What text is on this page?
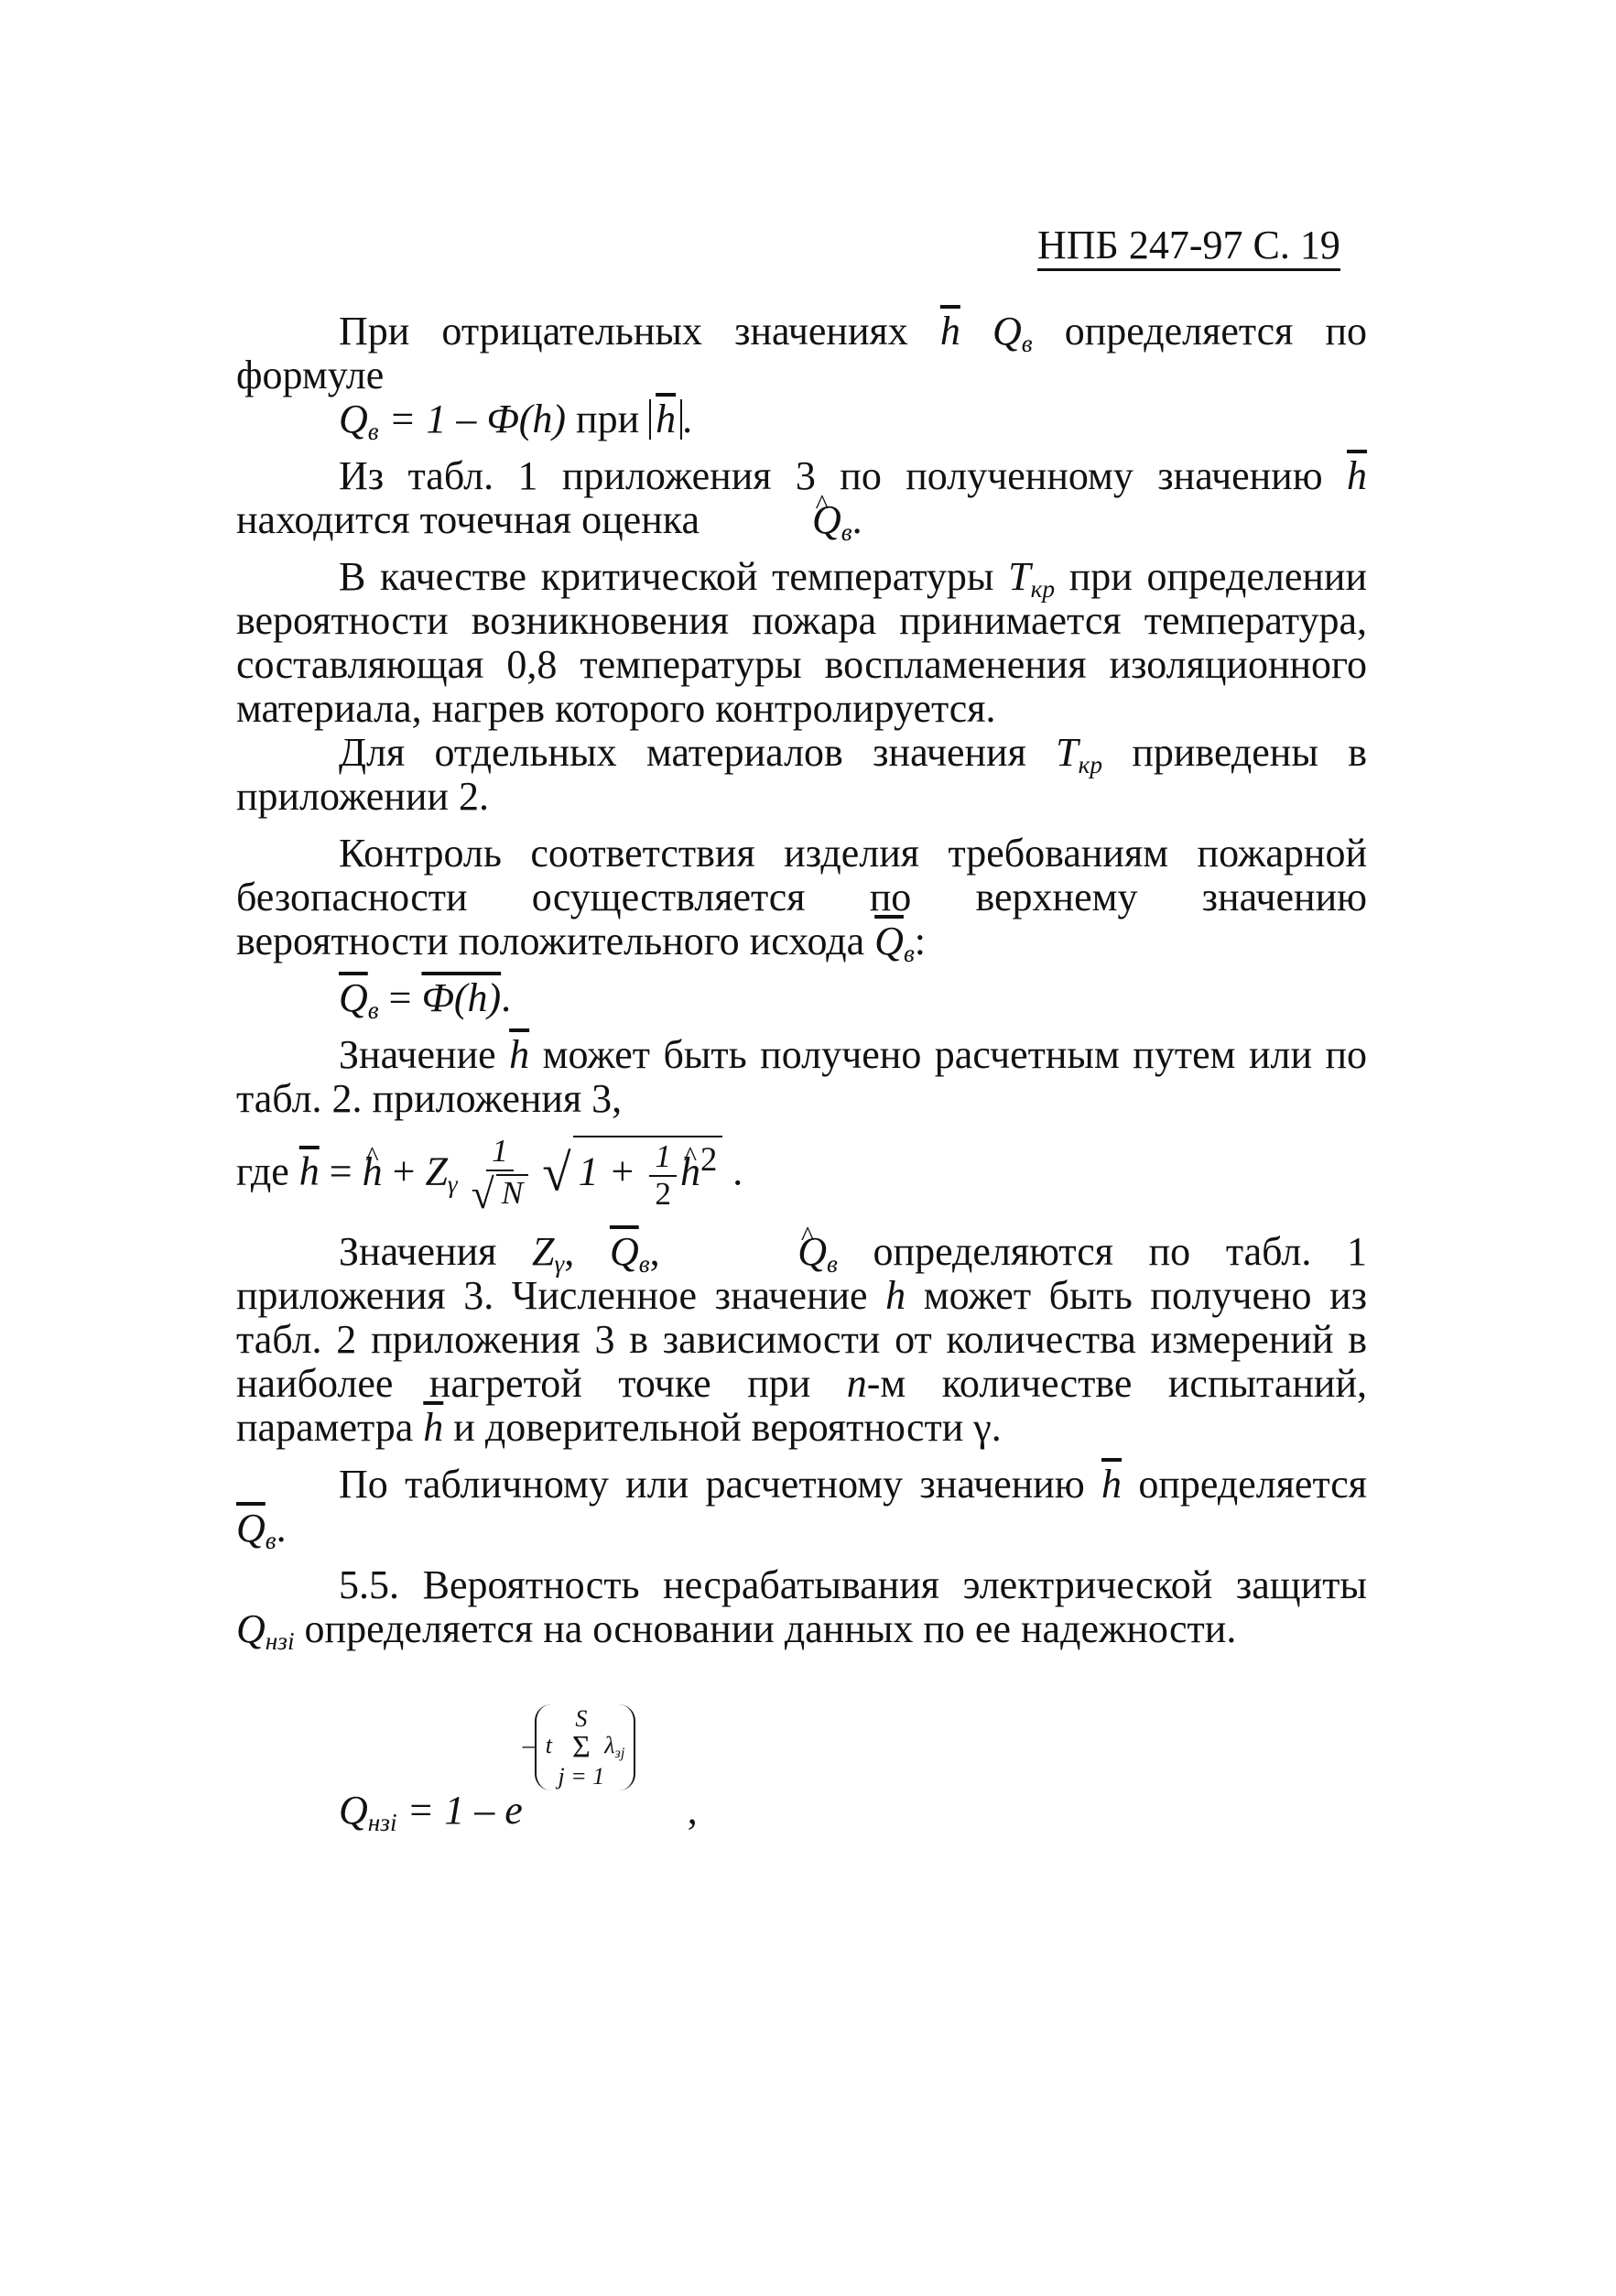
НПБ 247-97 С. 19

При отрицательных значениях $\overline{h}$ $Q_в$ определяется по формуле

$Q_в = 1 - Ф(h)$ при $\overline{h}$ .

Из табл. 1 приложения 3 по полученному значению $\overline{h}$ находится точечная оценка	Q $\^{}_в$.

В качестве критической температуры $T_{кр}$ при определении вероятности возникновения пожара принимается температура, составляющая 0,8 температуры воспламенения изоляционного материала, нагрев которого контролируется.

Для отдельных материалов значения $T_{кр}$ приведены в приложении 2.

Контроль соответствия изделия требованиям пожарной безопасности осуществляется по верхнему значению вероятности положительного исхода $\overline{Q}_в$:

$\overline{Q}_в = Ф(h)$.

Значение $\overline{h}$ может быть получено расчетным путем или по табл. 2. приложения 3,

где $\overline{h} = h$ ^ + $Z_\gamma \frac{1}{√ N}$ √ $1 + \frac{1}{2}$ h ^$^2$ .

Значения $Z_\gamma$, $\overline{Q}_в$,	Q $\^{}_в$ определяются по табл. 1 приложения 3. Численное значение h может быть получено из табл. 2 приложения 3 в зависимости от количества измерений в наиболее нагретой точке при n-м количестве испытаний, параметра $\overline{h}$ и доверительной вероятности γ.

По табличному или расчетному значению $\overline{h}$ определяется $\overline{Q}_в$.

5.5. Вероятность несрабатывания электрической защиты $Q_{нзi}$ определяется на основании данных по ее надежности.

$Q_{нзi} = 1 - e$
– t
S
Σ
j = 1
$\lambda_{зj}$
,
